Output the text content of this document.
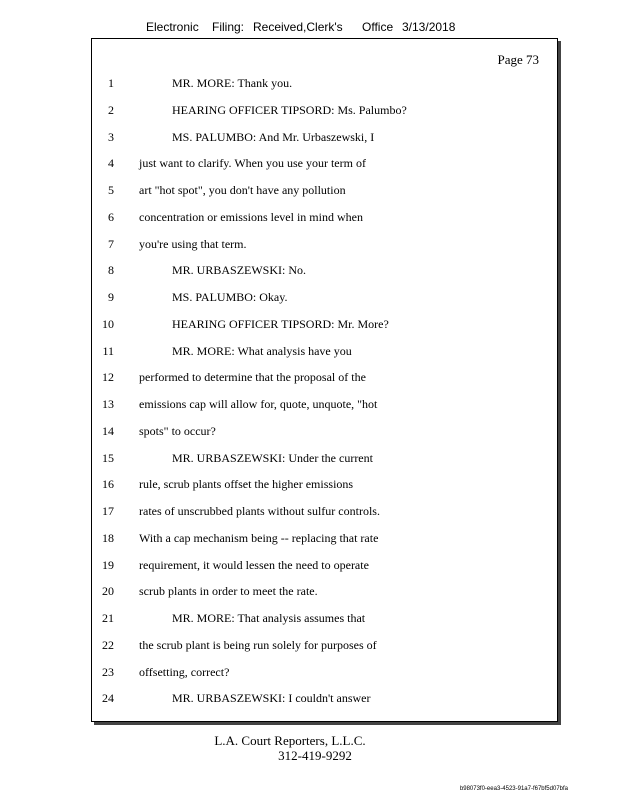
Electronic Filing: Received,Clerk's Office 3/13/2018
Page 73
1	MR. MORE: Thank you.
2	HEARING OFFICER TIPSORD: Ms. Palumbo?
3	MS. PALUMBO: And Mr. Urbaszewski, I
4 just want to clarify. When you use your term of
5 art "hot spot", you don't have any pollution
6 concentration or emissions level in mind when
7 you're using that term.
8	MR. URBASZEWSKI: No.
9	MS. PALUMBO: Okay.
10	HEARING OFFICER TIPSORD: Mr. More?
11	MR. MORE: What analysis have you
12 performed to determine that the proposal of the
13 emissions cap will allow for, quote, unquote, "hot
14 spots" to occur?
15	MR. URBASZEWSKI: Under the current
16 rule, scrub plants offset the higher emissions
17 rates of unscrubbed plants without sulfur controls.
18 With a cap mechanism being -- replacing that rate
19 requirement, it would lessen the need to operate
20 scrub plants in order to meet the rate.
21	MR. MORE: That analysis assumes that
22 the scrub plant is being run solely for purposes of
23 offsetting, correct?
24	MR. URBASZEWSKI: I couldn't answer
L.A. Court Reporters, L.L.C.
312-419-9292
b98073f0-eea3-4523-91a7-f67bf5d07bfa
